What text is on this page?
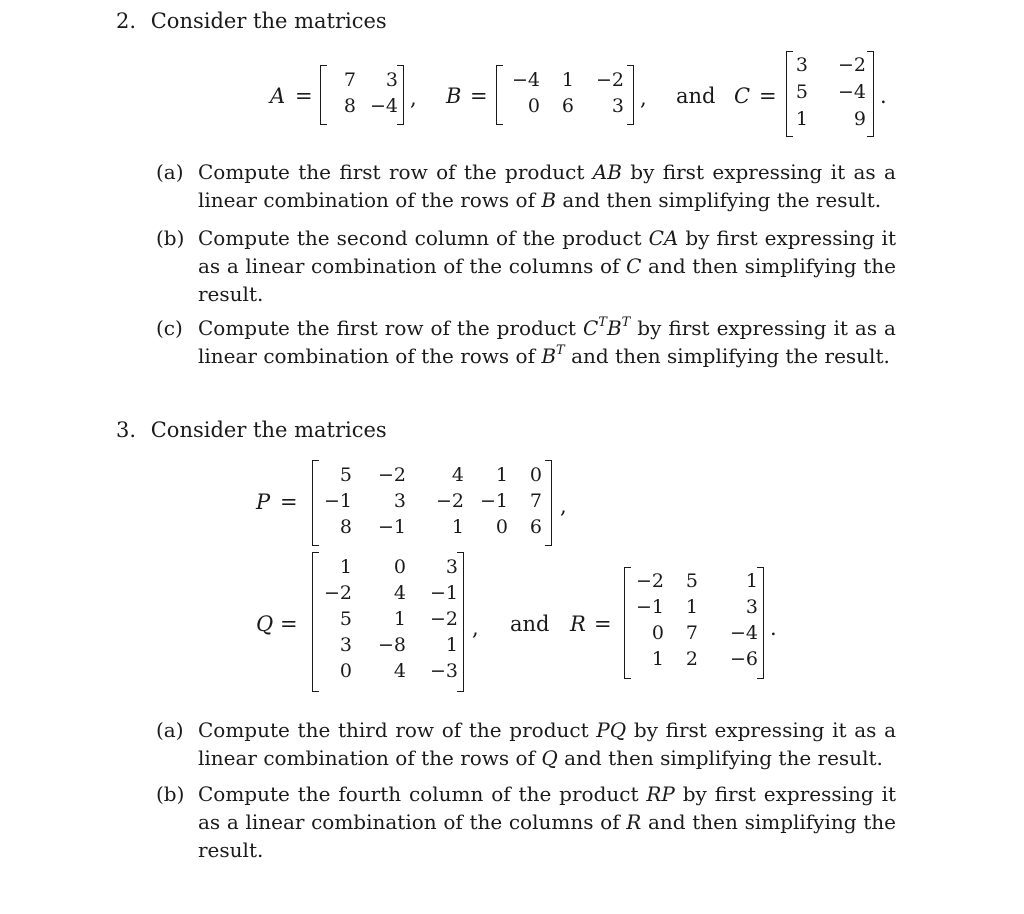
2. Consider the matrices
A =
7 3
8 −4 , B =
−4 1 −2
0 6 3 , and C =
3 −2
5 −4
1 9
.
(a) Compute the first row of the product AB by first expressing it as a linear combination of the rows of B and then simplifying the result.
(b) Compute the second column of the product CA by first expressing it as a linear combination of the columns of C and then simplifying the result.
(c) Compute the first row of the product $C^TB^T$ by first expressing it as a linear combination of the rows of $B^T$ and then simplifying the result.
3. Consider the matrices
P =
5 −2 4 1 0
−1 3 −2 −1 7
8 −1 1 0 6
,
Q =
1 0 3
−2 4 −1
5 1 −2
3 −8 1
0 4 −3
, and R =
−2 5	1
−1 1	3
0 7 −4
1 2 −6
.
(a) Compute the third row of the product PQ by first expressing it as a linear combination of the rows of Q and then simplifying the result.
(b) Compute the fourth column of the product RP by first expressing it as a linear combination of the columns of R and then simplifying the result.
